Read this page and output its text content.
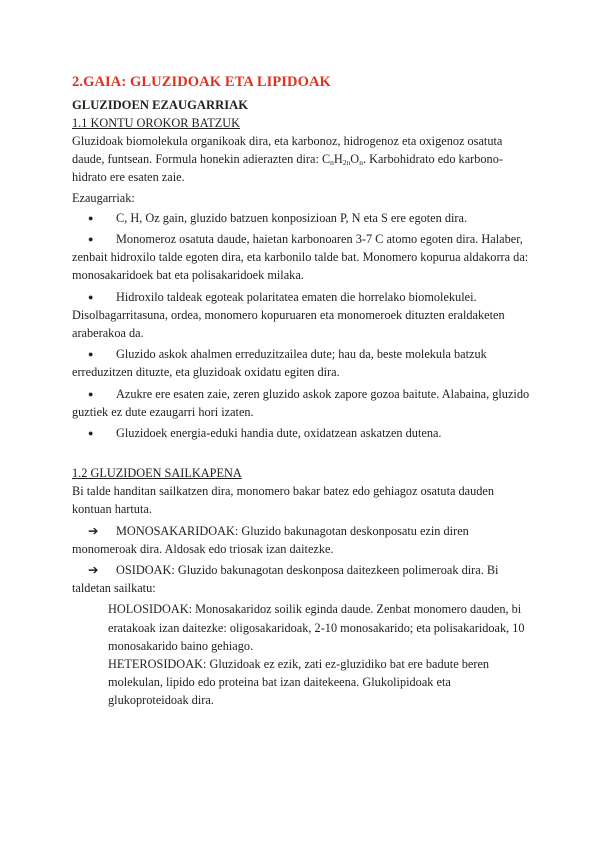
2.GAIA: GLUZIDOAK ETA LIPIDOAK
GLUZIDOEN EZAUGARRIAK
1.1 KONTU OROKOR BATZUK

Gluzidoak biomolekula organikoak dira, eta karbonoz, hidrogenoz eta oxigenoz osatuta daude, funtsean. Formula honekin adierazten dira: $C_nH_{2n}O_n$. Karbohidrato edo karbono-hidrato ere esaten zaie.

Ezaugarriak:

●	C, H, Oz gain, gluzido batzuen konposizioan P, N eta S ere egoten dira.
●	Monomeroz osatuta daude, haietan karbonoaren 3-7 C atomo egoten dira. Halaber, zenbait hidroxilo talde egoten dira, eta karbonilo talde bat. Monomero kopurua aldakorra da: monosakaridoek bat eta polisakaridoek milaka.
●	Hidroxilo taldeak egoteak polaritatea ematen die horrelako biomolekulei.

Disolbagarritasuna, ordea, monomero kopuruaren eta monomeroek dituzten eraldaketen araberakoa da.

●	Gluzido askok ahalmen erreduzitzailea dute; hau da, beste molekula batzuk erreduzitzen dituzte, eta gluzidoak oxidatu egiten dira.
●	Azukre ere esaten zaie, zeren gluzido askok zapore gozoa baitute. Alabaina, gluzido guztiek ez dute ezaugarri hori izaten.
●	Gluzidoek energia-eduki handia dute, oxidatzean askatzen dutena.
1.2 GLUZIDOEN SAILKAPENA

Bi talde handitan sailkatzen dira, monomero bakar batez edo gehiagoz osatuta dauden kontuan hartuta.

➔	MONOSAKARIDOAK: Gluzido bakunagotan deskonposatu ezin diren monomeroak dira. Aldosak edo triosak izan daitezke.
➔	OSIDOAK: Gluzido bakunagotan deskonposa daitezkeen polimeroak dira. Bi taldetan sailkatu:

HOLOSIDOAK: Monosakaridoz soilik eginda daude. Zenbat monomero dauden, bi eratakoak izan daitezke: oligosakaridoak, 2-10 monosakarido; eta polisakaridoak, 10 monosakarido baino gehiago.

HETEROSIDOAK: Gluzidoak ez ezik, zati ez-gluzidiko bat ere badute beren molekulan, lipido edo proteina bat izan daitekeena. Glukolipidoak eta glukoproteidoak dira.
